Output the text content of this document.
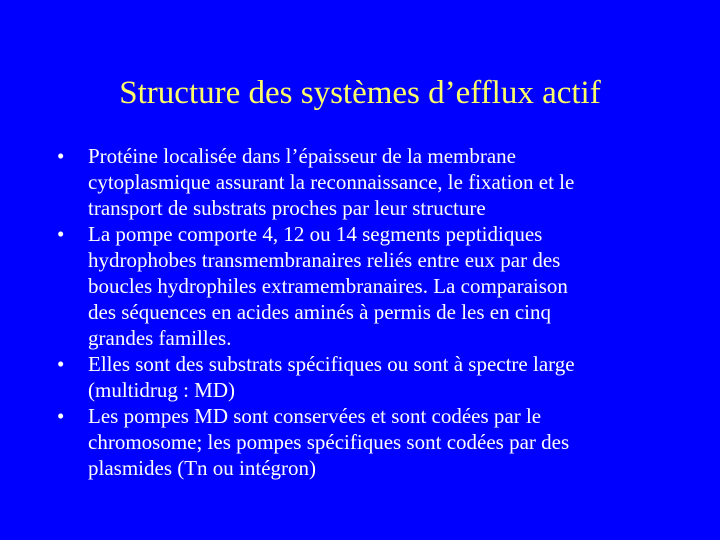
Structure des systèmes d’efflux actif
•	Protéine localisée dans l’épaisseur de la membrane
cytoplasmique assurant la reconnaissance, le fixation et le
transport de substrats proches par leur structure
•	La pompe comporte 4, 12 ou 14 segments peptidiques
hydrophobes transmembranaires reliés entre eux par des
boucles hydrophiles extramembranaires. La comparaison
des séquences en acides aminés à permis de les en cinq
grandes familles.
•	Elles sont des substrats spécifiques ou sont à spectre large
(multidrug : MD)
•	Les pompes MD sont conservées et sont codées par le
chromosome; les pompes spécifiques sont codées par des
plasmides (Tn ou intégron)
